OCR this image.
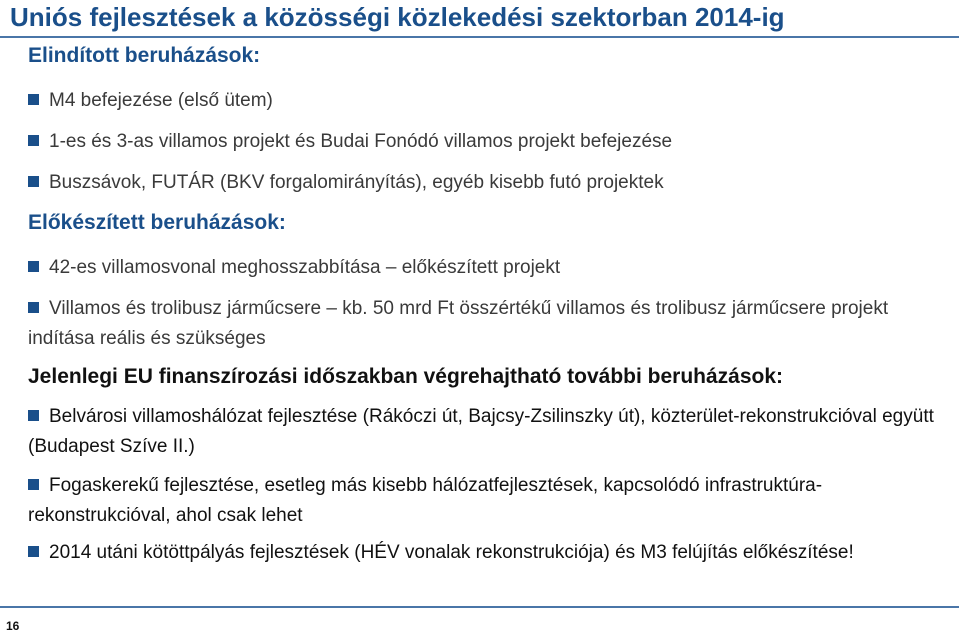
Uniós fejlesztések a közösségi közlekedési szektorban 2014-ig
Elindított beruházások:

M4 befejezése (első ütem)

1-es és 3-as villamos projekt és Budai Fonódó villamos projekt befejezése

Buszsávok, FUTÁR (BKV forgalomirányítás), egyéb kisebb futó projektek

Előkészített beruházások:

42-es villamosvonal meghosszabbítása – előkészített projekt

Villamos és trolibusz járműcsere – kb. 50 mrd Ft összértékű villamos és trolibusz járműcsere projekt indítása reális és szükséges

Jelenlegi EU finanszírozási időszakban végrehajtható további beruházások:

Belvárosi villamoshálózat fejlesztése (Rákóczi út, Bajcsy-Zsilinszky út), közterület-rekonstrukcióval együtt (Budapest Szíve II.)

Fogaskerekű fejlesztése, esetleg más kisebb hálózatfejlesztések, kapcsolódó infrastruktúra-rekonstrukcióval, ahol csak lehet

2014 utáni kötöttpályás fejlesztések (HÉV vonalak rekonstrukciója) és M3 felújítás előkészítése!

16
